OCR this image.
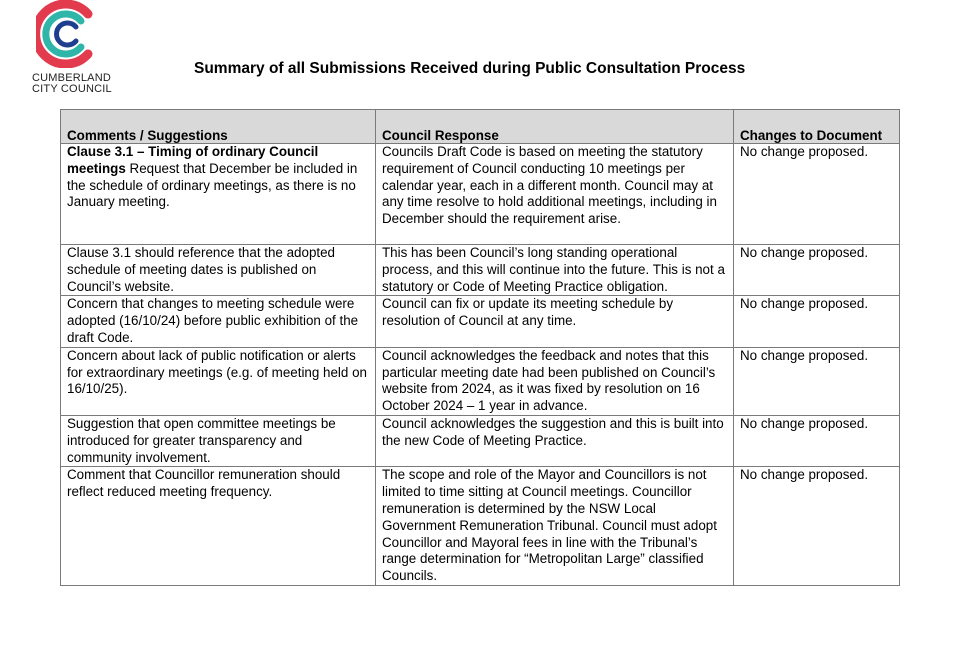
CUMBERLAND
CITY COUNCIL
Summary of all Submissions Received during Public Consultation Process
Comments / Suggestions	Council Response	Changes to Document
Clause 3.1 – Timing of ordinary Council meetings Request that December be included in the schedule of ordinary meetings, as there is no January meeting.	Councils Draft Code is based on meeting the statutory requirement of Council conducting 10 meetings per calendar year, each in a different month. Council may at any time resolve to hold additional meetings, including in December should the requirement arise.	No change proposed.
Clause 3.1 should reference that the adopted schedule of meeting dates is published on Council’s website.	This has been Council’s long standing operational process, and this will continue into the future. This is not a statutory or Code of Meeting Practice obligation.	No change proposed.
Concern that changes to meeting schedule were adopted (16/10/24) before public exhibition of the draft Code.	Council can fix or update its meeting schedule by resolution of Council at any time.	No change proposed.
Concern about lack of public notification or alerts for extraordinary meetings (e.g. of meeting held on 16/10/25).	Council acknowledges the feedback and notes that this particular meeting date had been published on Council’s website from 2024, as it was fixed by resolution on 16 October 2024 – 1 year in advance.	No change proposed.
Suggestion that open committee meetings be introduced for greater transparency and community involvement.	Council acknowledges the suggestion and this is built into the new Code of Meeting Practice.	No change proposed.
Comment that Councillor remuneration should reflect reduced meeting frequency.	The scope and role of the Mayor and Councillors is not limited to time sitting at Council meetings. Councillor remuneration is determined by the NSW Local Government Remuneration Tribunal. Council must adopt Councillor and Mayoral fees in line with the Tribunal’s range determination for “Metropolitan Large” classified Councils.	No change proposed.
